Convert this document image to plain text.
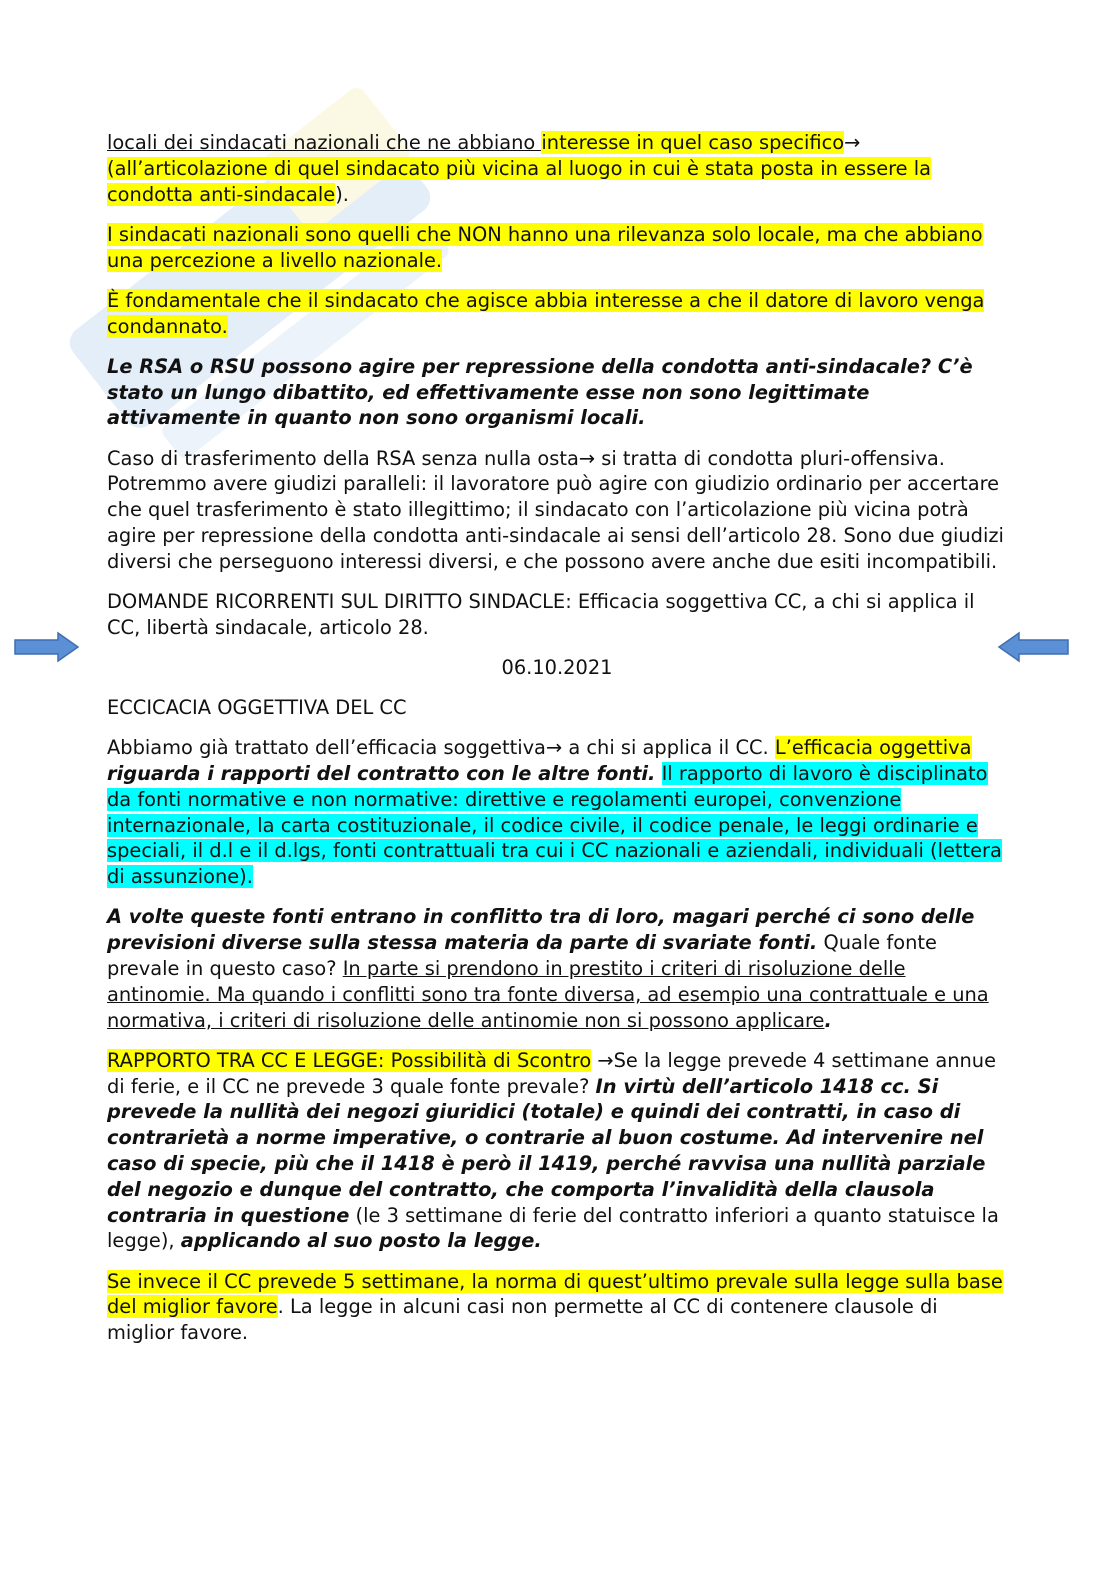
locali dei sindacati nazionali che ne abbiano interesse in quel caso specifico→
(all’articolazione di quel sindacato più vicina al luogo in cui è stata posta in essere la condotta anti-sindacale).

I sindacati nazionali sono quelli che NON hanno una rilevanza solo locale, ma che abbiano una percezione a livello nazionale.

È fondamentale che il sindacato che agisce abbia interesse a che il datore di lavoro venga condannato.

Le RSA o RSU possono agire per repressione della condotta anti-sindacale? C’è stato un lungo dibattito, ed effettivamente esse non sono legittimate attivamente in quanto non sono organismi locali.

Caso di trasferimento della RSA senza nulla osta→ si tratta di condotta pluri-offensiva. Potremmo avere giudizi paralleli: il lavoratore può agire con giudizio ordinario per accertare che quel trasferimento è stato illegittimo; il sindacato con l’articolazione più vicina potrà agire per repressione della condotta anti-sindacale ai sensi dell’articolo 28. Sono due giudizi diversi che perseguono interessi diversi, e che possono avere anche due esiti incompatibili.

DOMANDE RICORRENTI SUL DIRITTO SINDACLE: Efficacia soggettiva CC, a chi si applica il CC, libertà sindacale, articolo 28.

06.10.2021

ECCICACIA OGGETTIVA DEL CC

Abbiamo già trattato dell’efficacia soggettiva→ a chi si applica il CC. L’efficacia oggettiva riguarda i rapporti del contratto con le altre fonti. Il rapporto di lavoro è disciplinato da fonti normative e non normative: direttive e regolamenti europei, convenzione internazionale, la carta costituzionale, il codice civile, il codice penale, le leggi ordinarie e speciali, il d.l e il d.lgs, fonti contrattuali tra cui i CC nazionali e aziendali, individuali (lettera di assunzione).

A volte queste fonti entrano in conflitto tra di loro, magari perché ci sono delle previsioni diverse sulla stessa materia da parte di svariate fonti. Quale fonte prevale in questo caso? In parte si prendono in prestito i criteri di risoluzione delle antinomie. Ma quando i conflitti sono tra fonte diversa, ad esempio una contrattuale e una normativa, i criteri di risoluzione delle antinomie non si possono applicare.

RAPPORTO TRA CC E LEGGE: Possibilità di Scontro →Se la legge prevede 4 settimane annue di ferie, e il CC ne prevede 3 quale fonte prevale? In virtù dell’articolo 1418 cc. Si prevede la nullità dei negozi giuridici (totale) e quindi dei contratti, in caso di contrarietà a norme imperative, o contrarie al buon costume. Ad intervenire nel caso di specie, più che il 1418 è però il 1419, perché ravvisa una nullità parziale del negozio e dunque del contratto, che comporta l’invalidità della clausola contraria in questione (le 3 settimane di ferie del contratto inferiori a quanto statuisce la legge), applicando al suo posto la legge.

Se invece il CC prevede 5 settimane, la norma di quest’ultimo prevale sulla legge sulla base del miglior favore. La legge in alcuni casi non permette al CC di contenere clausole di miglior favore.
